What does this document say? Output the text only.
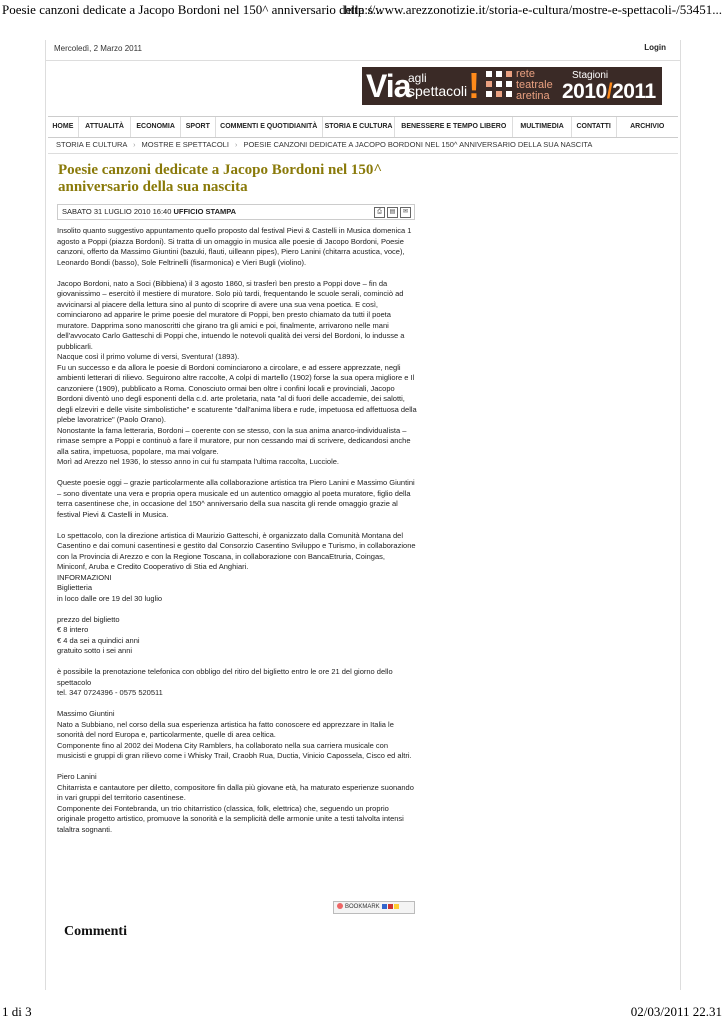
Poesie canzoni dedicate a Jacopo Bordoni nel 150^ anniversario della s...
http://www.arezzonotizie.it/storia-e-cultura/mostre-e-spettacoli-/53451...
Mercoledì, 2 Marzo 2011	Login
Via
agli
spettacoli !	rete
teatrale
aretina
Stagioni
2010/2011
HOME	ATTUALITÀ	ECONOMIA	SPORT	COMMENTI E QUOTIDIANITÀ	STORIA E CULTURA	BENESSERE E TEMPO LIBERO	MULTIMEDIA	CONTATTI	ARCHIVIO
STORIA E CULTURA › MOSTRE E SPETTACOLI › POESIE CANZONI DEDICATE A JACOPO BORDONI NEL 150^ ANNIVERSARIO DELLA SUA NASCITA
Poesie canzoni dedicate a Jacopo Bordoni nel 150^ anniversario della sua nascita
SABATO 31 LUGLIO 2010 16:40 UFFICIO STAMPA	⎙	▤	✉

Insolito quanto suggestivo appuntamento quello proposto dal festival Pievi & Castelli in Musica domenica 1 agosto a Poppi (piazza Bordoni). Si tratta di un omaggio in musica alle poesie di Jacopo Bordoni, Poesie canzoni, offerto da Massimo Giuntini (bazuki, flauti, uilleann pipes), Piero Lanini (chitarra acustica, voce), Leonardo Bondi (basso), Sole Feltrinelli (fisarmonica) e Vieri Bugli (violino).

Jacopo Bordoni, nato a Soci (Bibbiena) il 3 agosto 1860, si trasferì ben presto a Poppi dove – fin da giovanissimo – esercitò il mestiere di muratore. Solo più tardi, frequentando le scuole serali, cominciò ad avvicinarsi al piacere della lettura sino al punto di scoprire di avere una sua vena poetica. E così, cominciarono ad apparire le prime poesie del muratore di Poppi, ben presto chiamato da tutti il poeta muratore. Dapprima sono manoscritti che girano tra gli amici e poi, finalmente, arrivarono nelle mani dell'avvocato Carlo Gatteschi di Poppi che, intuendo le notevoli qualità dei versi del Bordoni, lo indusse a pubblicarli.
Nacque così il primo volume di versi, Sventura! (1893).
Fu un successo e da allora le poesie di Bordoni cominciarono a circolare, e ad essere apprezzate, negli ambienti letterari di rilievo. Seguirono altre raccolte, A colpi di martello (1902) forse la sua opera migliore e Il canzoniere (1909), pubblicato a Roma. Conosciuto ormai ben oltre i confini locali e provinciali, Jacopo Bordoni diventò uno degli esponenti della c.d. arte proletaria, nata "al di fuori delle accademie, dei salotti, degli elzeviri e delle visite simbolistiche" e scaturente "dall'anima libera e rude, impetuosa ed affettuosa della plebe lavoratrice" (Paolo Orano).
Nonostante la fama letteraria, Bordoni – coerente con se stesso, con la sua anima anarco-individualista – rimase sempre a Poppi e continuò a fare il muratore, pur non cessando mai di scrivere, dedicandosi anche alla satira, impetuosa, popolare, ma mai volgare.
Morì ad Arezzo nel 1936, lo stesso anno in cui fu stampata l'ultima raccolta, Lucciole.

Queste poesie oggi – grazie particolarmente alla collaborazione artistica tra Piero Lanini e Massimo Giuntini – sono diventate una vera e propria opera musicale ed un autentico omaggio al poeta muratore, figlio della terra casentinese che, in occasione del 150^ anniversario della sua nascita gli rende omaggio grazie al festival Pievi & Castelli in Musica.

Lo spettacolo, con la direzione artistica di Maurizio Gatteschi, è organizzato dalla Comunità Montana del Casentino e dai comuni casentinesi e gestito dal Consorzio Casentino Sviluppo e Turismo, in collaborazione con la Provincia di Arezzo e con la Regione Toscana, in collaborazione con BancaEtruria, Coingas, Miniconf, Aruba e Credito Cooperativo di Stia ed Anghiari.
INFORMAZIONI
Biglietteria
in loco dalle ore 19 del 30 luglio

prezzo del biglietto
€ 8 intero
€ 4 da sei a quindici anni
gratuito sotto i sei anni

è possibile la prenotazione telefonica con obbligo del ritiro del biglietto entro le ore 21 del giorno dello spettacolo
tel. 347 0724396 - 0575 520511

Massimo Giuntini
Nato a Subbiano, nel corso della sua esperienza artistica ha fatto conoscere ed apprezzare in Italia le sonorità del nord Europa e, particolarmente, quelle di area celtica.
Componente fino al 2002 dei Modena City Ramblers, ha collaborato nella sua carriera musicale con musicisti e gruppi di gran rilievo come i Whisky Trail, Craobh Rua, Ductia, Vinicio Capossela, Cisco ed altri.

Piero Lanini
Chitarrista e cantautore per diletto, compositore fin dalla più giovane età, ha maturato esperienze suonando in vari gruppi del territorio casentinese.
Componente dei Fontebranda, un trio chitarristico (classica, folk, elettrica) che, seguendo un proprio originale progetto artistico, promuove la sonorità e la semplicità delle armonie unite a testi talvolta intensi talaltra sognanti.

BOOKMARK
Commenti
1 di 3	02/03/2011 22.31
